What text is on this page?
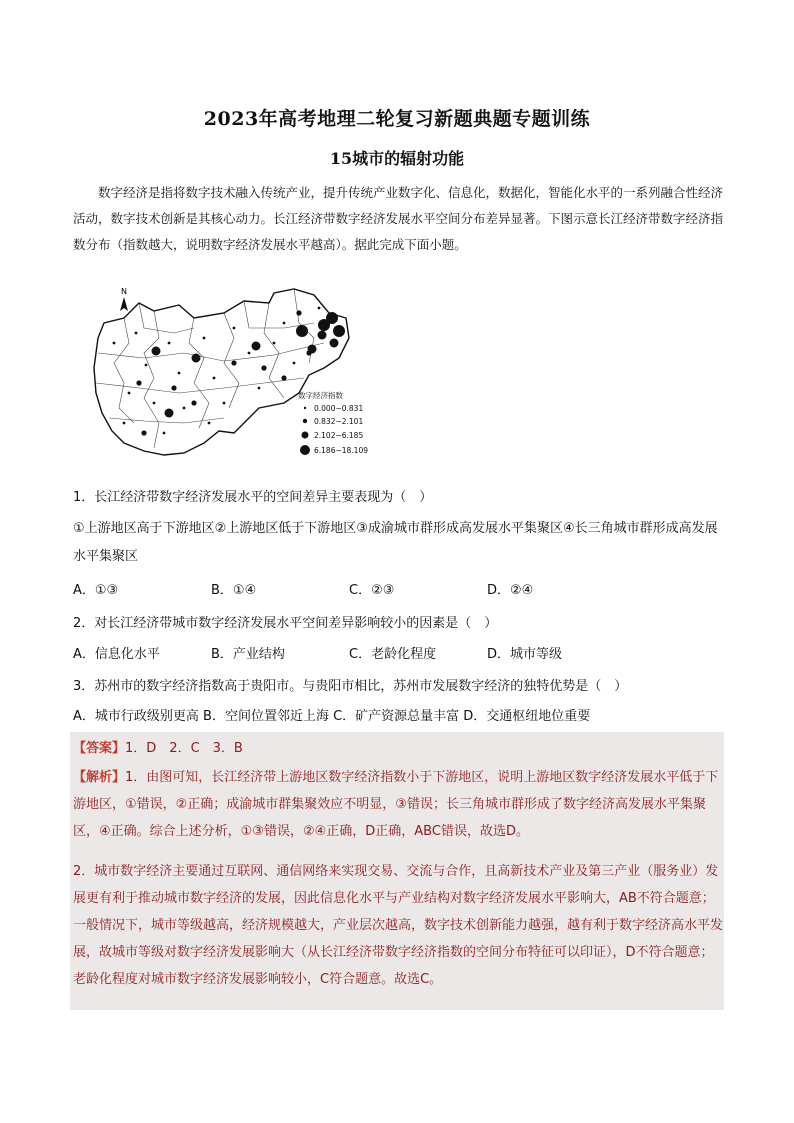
2023年高考地理二轮复习新题典题专题训练
15城市的辐射功能
数字经济是指将数字技术融入传统产业，提升传统产业数字化、信息化，数据化，智能化水平的一系列融合性经济活动，数字技术创新是其核心动力。长江经济带数字经济发展水平空间分布差异显著。下图示意长江经济带数字经济指数分布（指数越大，说明数字经济发展水平越高）。据此完成下面小题。
N
数字经济指数
0.000~0.831
0.832~2.101
2.102~6.185
6.186~18.109
1．长江经济带数字经济发展水平的空间差异主要表现为（　）
①上游地区高于下游地区②上游地区低于下游地区③成渝城市群形成高发展水平集聚区④长三角城市群形成高发展水平集聚区
A．①③	B．①④	C．②③	D．②④
2．对长江经济带城市数字经济发展水平空间差异影响较小的因素是（　）
A．信息化水平	B．产业结构	C．老龄化程度	D．城市等级
3．苏州市的数字经济指数高于贵阳市。与贵阳市相比，苏州市发展数字经济的独特优势是（　）
A．城市行政级别更高 B．空间位置邻近上海 C．矿产资源总量丰富 D．交通枢纽地位重要
【答案】1．D　2．C　3．B
【解析】1．由图可知，长江经济带上游地区数字经济指数小于下游地区，说明上游地区数字经济发展水平低于下游地区，①错误，②正确；成渝城市群集聚效应不明显，③错误；长三角城市群形成了数字经济高发展水平集聚区，④正确。综合上述分析，①③错误，②④正确，D正确，ABC错误，故选D。
2．城市数字经济主要通过互联网、通信网络来实现交易、交流与合作，且高新技术产业及第三产业（服务业）发展更有利于推动城市数字经济的发展，因此信息化水平与产业结构对数字经济发展水平影响大，AB不符合题意；一般情况下，城市等级越高，经济规模越大，产业层次越高，数字技术创新能力越强，越有利于数字经济高水平发展，故城市等级对数字经济发展影响大（从长江经济带数字经济指数的空间分布特征可以印证），D不符合题意；老龄化程度对城市数字经济发展影响较小，C符合题意。故选C。
